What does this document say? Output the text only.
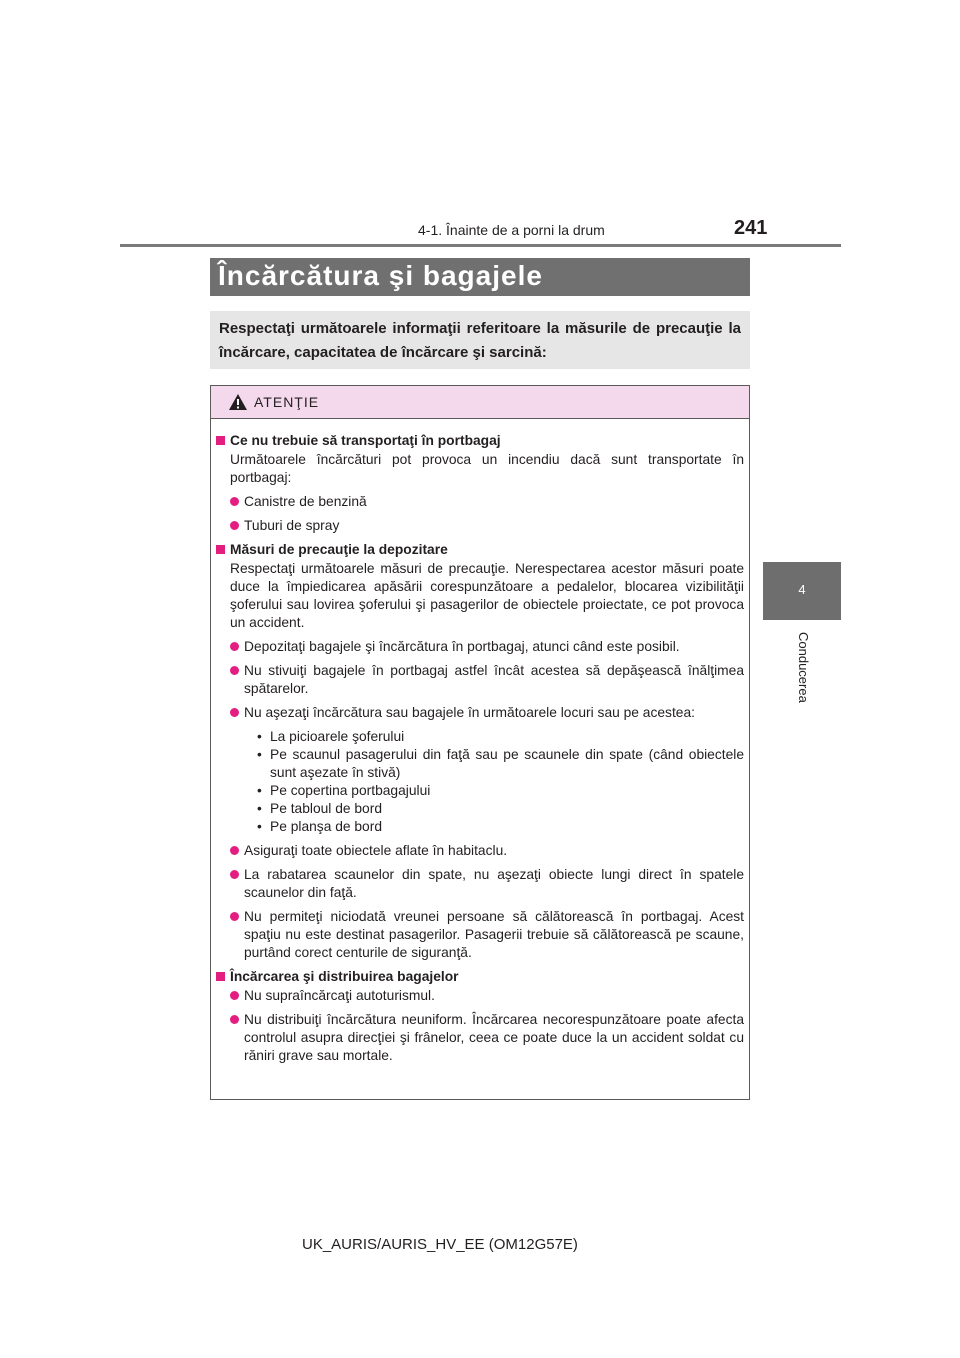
4-1. Înainte de a porni la drum	241
4
Conducerea
Încărcătura şi bagajele
Respectaţi următoarele informaţii referitoare la măsurile de precauţie la încărcare, capacitatea de încărcare şi sarcină:
ATENŢIE
Ce nu trebuie să transportaţi în portbagaj
Următoarele încărcături pot provoca un incendiu dacă sunt transportate în portbagaj:
Canistre de benzină
Tuburi de spray
Măsuri de precauţie la depozitare
Respectaţi următoarele măsuri de precauţie. Nerespectarea acestor măsuri poate duce la împiedicarea apăsării corespunzătoare a pedalelor, blocarea vizibilităţii şoferului sau lovirea şoferului şi pasagerilor de obiectele proiectate, ce pot provoca un accident.
Depozitaţi bagajele şi încărcătura în portbagaj, atunci când este posibil.
Nu stivuiţi bagajele în portbagaj astfel încât acestea să depăşească înălţimea spătarelor.
Nu aşezaţi încărcătura sau bagajele în următoarele locuri sau pe acestea:
• La picioarele şoferului
• Pe scaunul pasagerului din faţă sau pe scaunele din spate (când obiectele sunt aşezate în stivă)
• Pe copertina portbagajului
• Pe tabloul de bord
• Pe planşa de bord
Asiguraţi toate obiectele aflate în habitaclu.
La rabatarea scaunelor din spate, nu aşezaţi obiecte lungi direct în spatele scaunelor din faţă.
Nu permiteţi niciodată vreunei persoane să călătorească în portbagaj. Acest spaţiu nu este destinat pasagerilor. Pasagerii trebuie să călătorească pe scaune, purtând corect centurile de siguranţă.
Încărcarea şi distribuirea bagajelor
Nu supraîncărcaţi autoturismul.
Nu distribuiţi încărcătura neuniform. Încărcarea necorespunzătoare poate afecta controlul asupra direcţiei şi frânelor, ceea ce poate duce la un accident soldat cu răniri grave sau mortale.
UK_AURIS/AURIS_HV_EE (OM12G57E)
